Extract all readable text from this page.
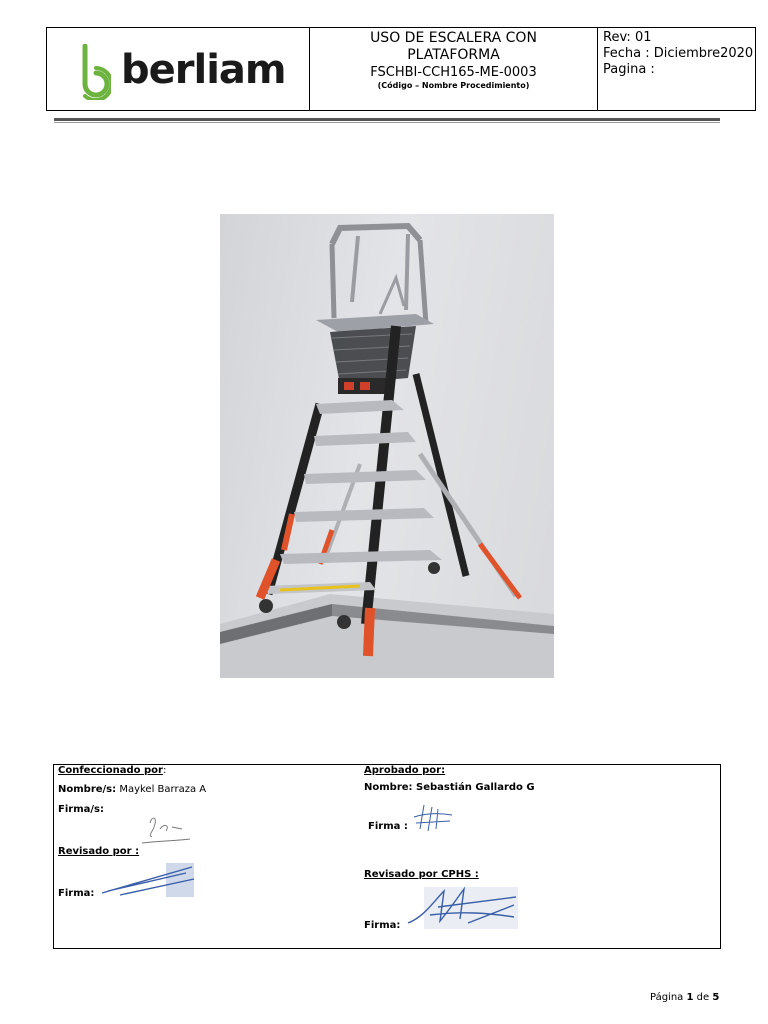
berliam
USO DE ESCALERA CON
PLATAFORMA
FSCHBI-CCH165-ME-0003
(Código – Nombre Procedimiento)
Rev: 01
Fecha : Diciembre2020
Pagina :
Confeccionado por:
Nombre/s: Maykel Barraza A
Firma/s:
Revisado por :
Firma:
Aprobado por:
Nombre: Sebastián Gallardo G
Firma :
Revisado por CPHS :
Firma:
Página 1 de 5
